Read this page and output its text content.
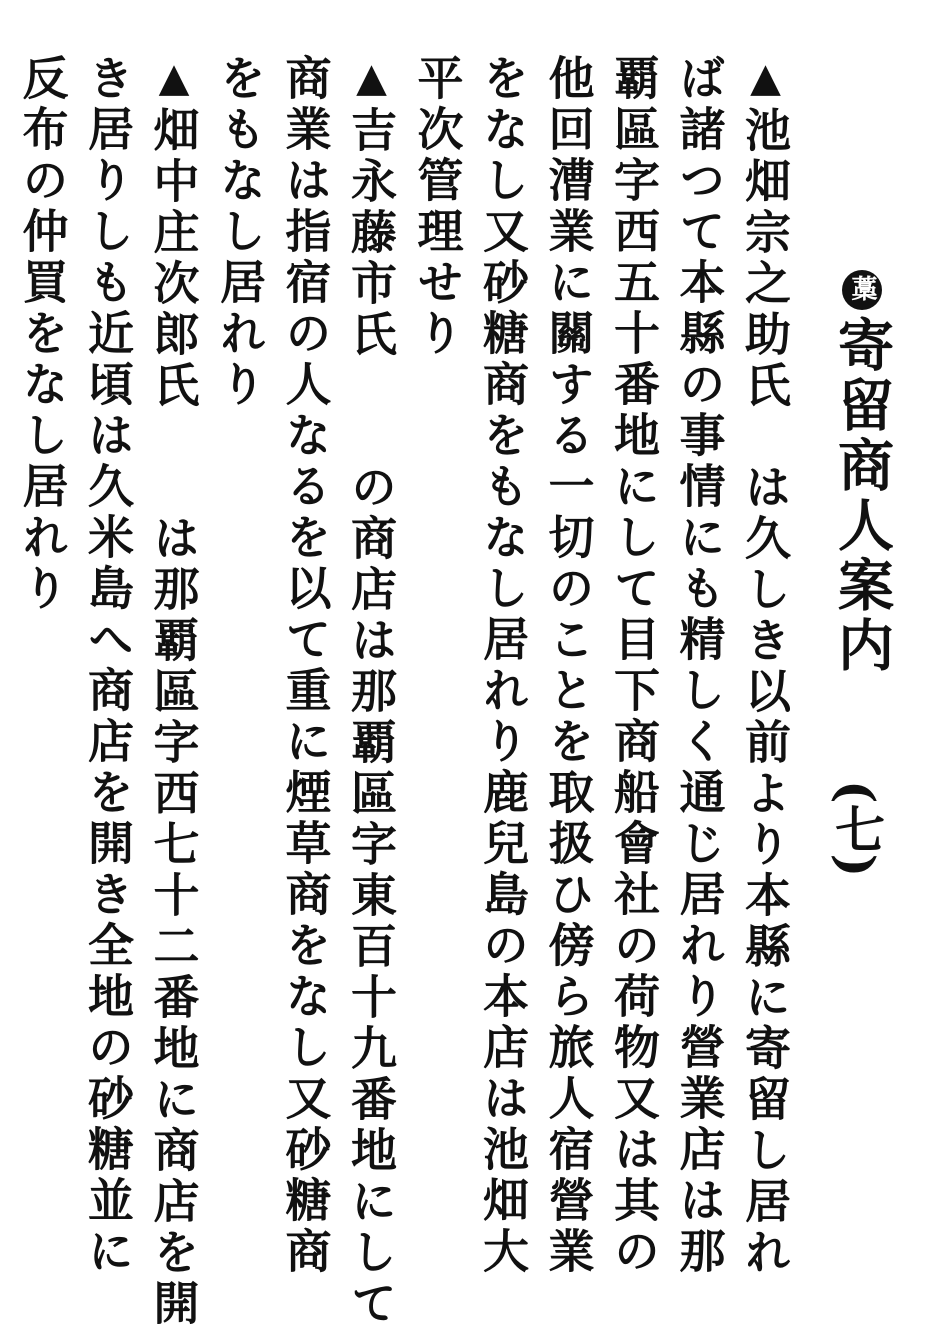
藁寄留商人案内
(七)
▲池畑宗之助氏　は久しき以前より本縣に寄留し居れ
ば諸つて本縣の事情にも精しく通じ居れり營業店は那
覇區字西五十番地にして目下商船會社の荷物又は其の
他回漕業に關する一切のことを取扱ひ傍ら旅人宿營業
をなし又砂糖商をもなし居れり鹿兒島の本店は池畑大
平次管理せり
▲吉永藤市氏　　の商店は那覇區字東百十九番地にして
商業は指宿の人なるを以て重に煙草商をなし又砂糖商
をもなし居れり
▲畑中庄次郎氏　　は那覇區字西七十二番地に商店を開
き居りしも近頃は久米島へ商店を開き全地の砂糖並に
反布の仲買をなし居れり
